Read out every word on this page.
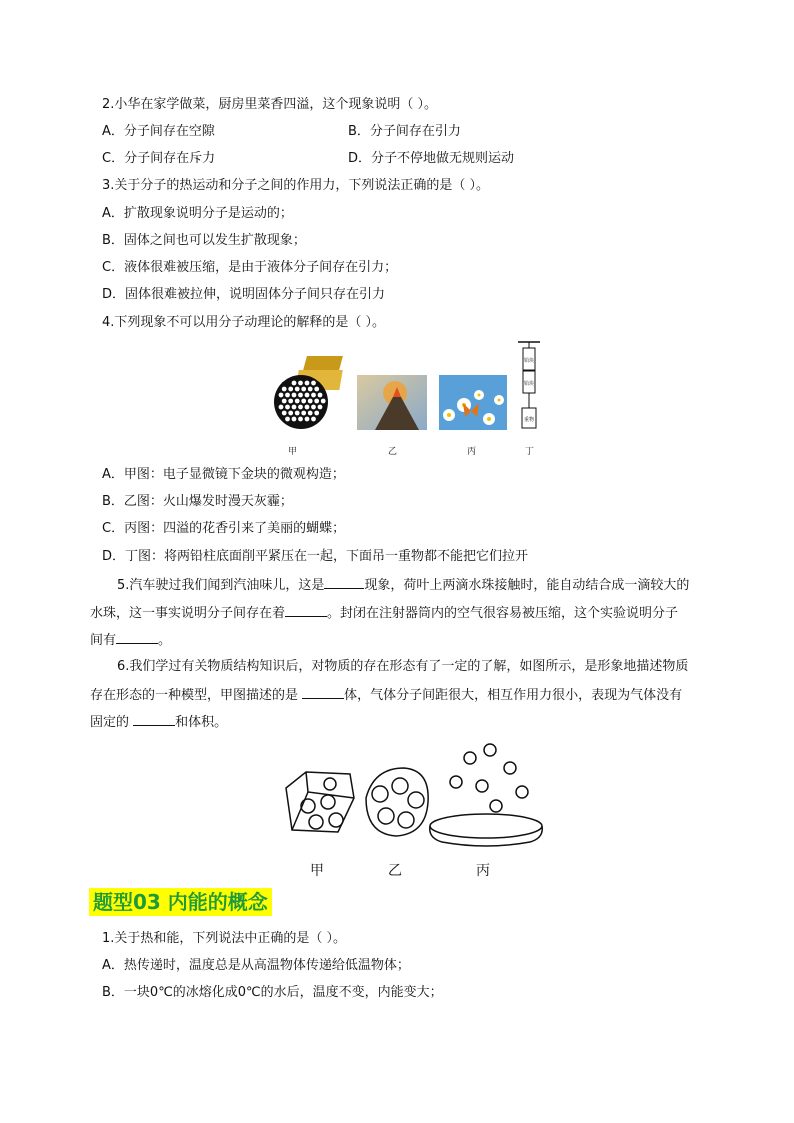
2.小华在家学做菜，厨房里菜香四溢，这个现象说明（ ）。
A．分子间存在空隙	B．分子间存在引力
C．分子间存在斥力	D．分子不停地做无规则运动
3.关于分子的热运动和分子之间的作用力，下列说法正确的是（ ）。
A．扩散现象说明分子是运动的；
B．固体之间也可以发生扩散现象；
C．液体很难被压缩，是由于液体分子间存在引力；
D．固体很难被拉伸，说明固体分子间只存在引力
4.下列现象不可以用分子动理论的解释的是（ ）。
甲	乙	丙
铅块
铅块
重物
丁
A．甲图：电子显微镜下金块的微观构造；
B．乙图：火山爆发时漫天灰霾；
C．丙图：四溢的花香引来了美丽的蝴蝶；
D．丁图：将两铅柱底面削平紧压在一起，下面吊一重物都不能把它们拉开
5.汽车驶过我们闻到汽油味儿，这是	现象，荷叶上两滴水珠接触时，能自动结合成一滴较大的
水珠，这一事实说明分子间存在着	。封闭在注射器筒内的空气很容易被压缩，这个实验说明分子
间有	。
6.我们学过有关物质结构知识后，对物质的存在形态有了一定的了解，如图所示，是形象地描述物质
存在形态的一种模型，甲图描述的是	体，气体分子间距很大，相互作用力很小，表现为气体没有
固定的	和体积。
甲	乙	丙
题型03 内能的概念
1.关于热和能，下列说法中正确的是（ ）。
A．热传递时，温度总是从高温物体传递给低温物体；
B．一块0℃的冰熔化成0℃的水后，温度不变，内能变大；
